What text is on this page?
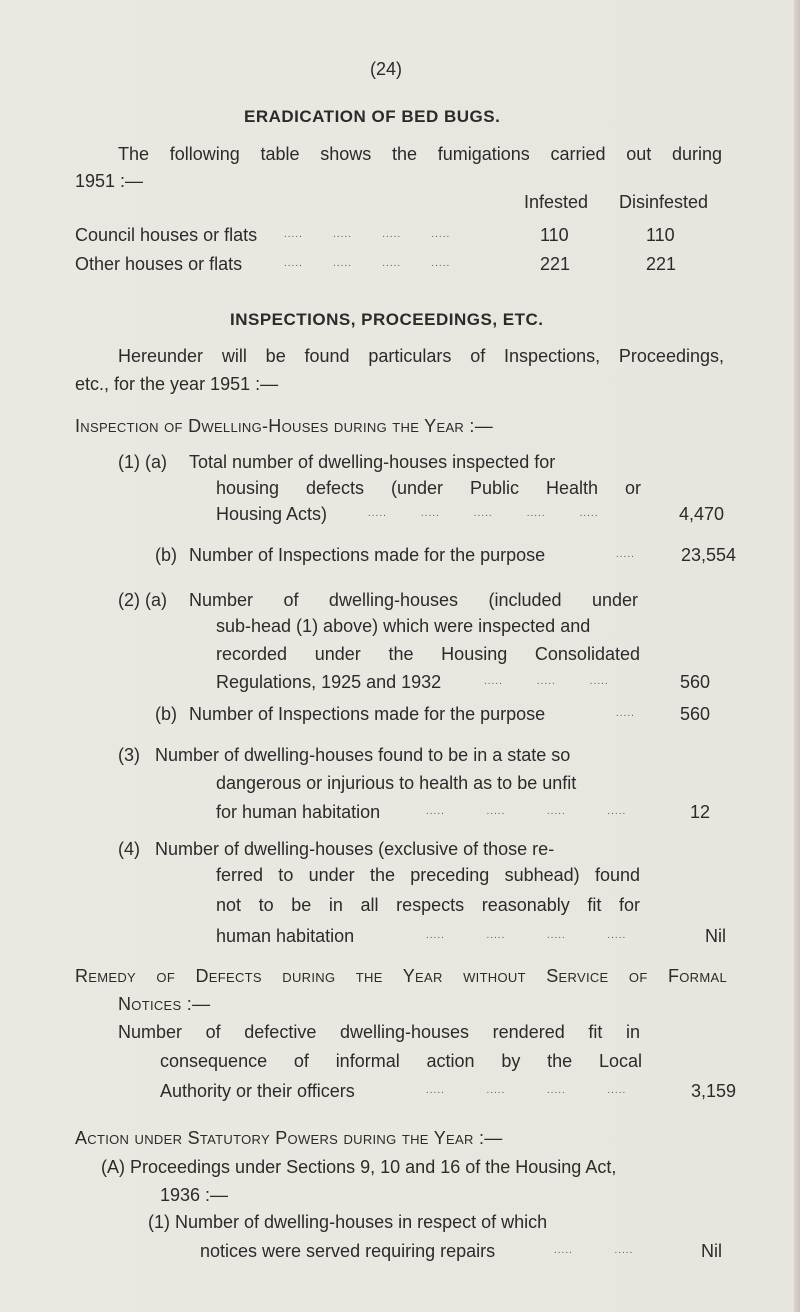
(24)
ERADICATION OF BED BUGS.
The following table shows the fumigations carried out during
1951 :—
Infested Disinfested
Council houses or flats	.....        .....        .....        .....	110	110
Other houses or flats	.....        .....        .....        .....	221	221
INSPECTIONS, PROCEEDINGS, ETC.
Hereunder will be found particulars of Inspections, Proceedings,
etc., for the year 1951 :—
Inspection of Dwelling-Houses during the Year :—
(1) (a) Total number of dwelling-houses inspected for
housing defects (under Public Health or
Housing Acts)	.....         .....         .....         .....         .....	4,470
(b) Number of Inspections made for the purpose	.....	23,554
(2) (a) Number of dwelling-houses (included under
sub-head (1) above) which were inspected and
recorded under the Housing Consolidated
Regulations, 1925 and 1932	.....         .....         .....	560
(b) Number of Inspections made for the purpose	.....	560
(3) Number of dwelling-houses found to be in a state so
dangerous or injurious to health as to be unfit
for human habitation	.....           .....           .....           .....	12
(4) Number of dwelling-houses (exclusive of those re-
ferred to under the preceding subhead) found
not to be in all respects reasonably fit for
human habitation	.....           .....           .....           .....	Nil
Remedy of Defects during the Year without Service of Formal
Notices :—
Number of defective dwelling-houses rendered fit in
consequence of informal action by the Local
Authority or their officers	.....           .....           .....           .....	3,159
Action under Statutory Powers during the Year :—
(A) Proceedings under Sections 9, 10 and 16 of the Housing Act,
1936 :—
(1) Number of dwelling-houses in respect of which
notices were served requiring repairs	.....           .....	Nil
